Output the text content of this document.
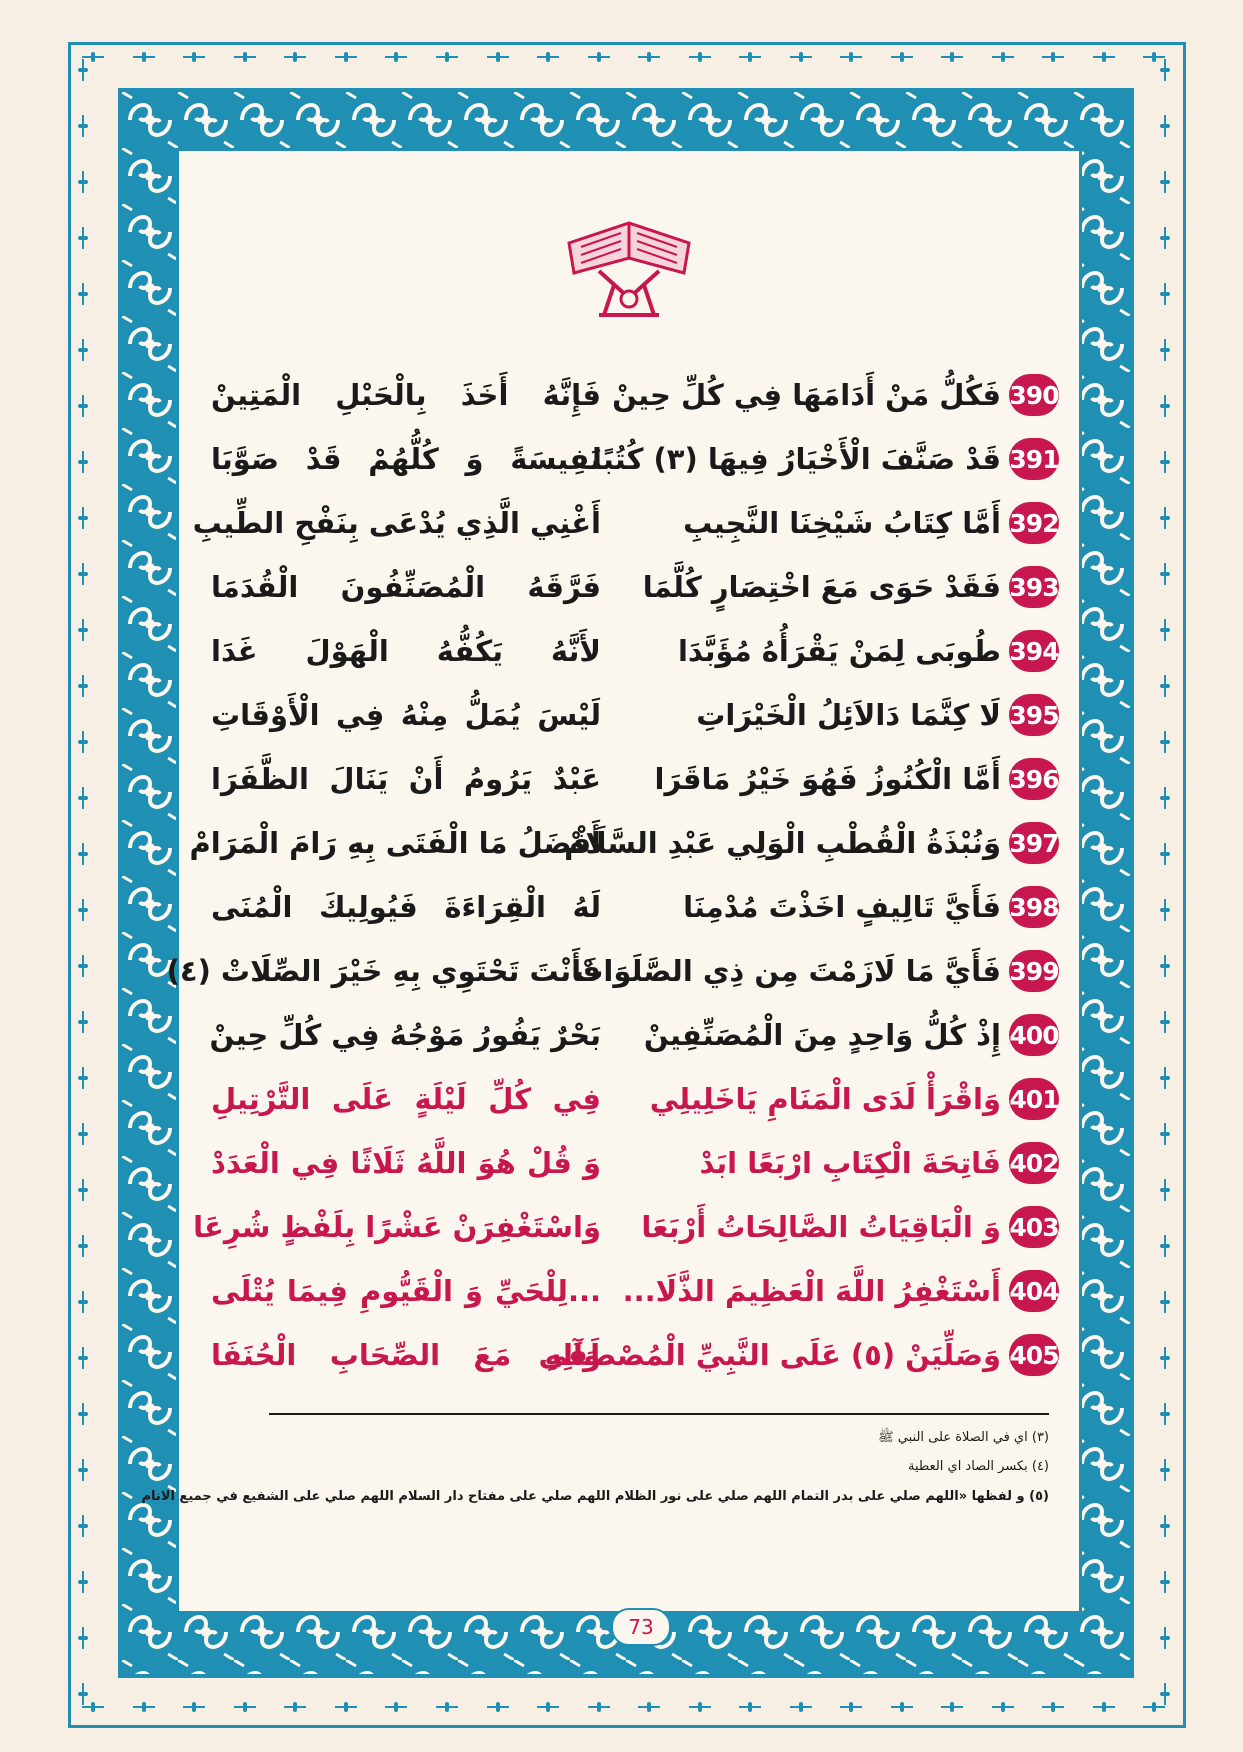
390
فَكُلُّ مَنْ أَدَامَهَا فِي كُلِّ حِينْ
فَإِنَّهُ أَخَذَ بِالْحَبْلِ الْمَتِينْ
391
قَدْ صَنَّفَ الْأَخْيَارُ فِيهَا (٣) كُتُبًا
نَفِيسَةً وَ كُلُّهُمْ قَدْ صَوَّبَا
392
أَمَّا كِتَابُ شَيْخِنَا النَّجِيبِ
أَغْنِي الَّذِي يُدْعَى بِنَفْحِ الطِّيبِ
393
فَقَدْ حَوَى مَعَ اخْتِصَارٍ كُلَّمَا
فَرَّقَهُ الْمُصَنِّفُونَ الْقُدَمَا
394
طُوبَى لِمَنْ يَقْرَأُهُ مُؤَبَّدَا
لأَنَّهُ يَكُفُّهُ الْهَوْلَ غَدَا
395
لَا كِنَّمَا دَالاَئِلُ الْخَيْرَاتِ
لَيْسَ يُمَلُّ مِنْهُ فِي الْأَوْقَاتِ
396
أَمَّا الْكُنُوزُ فَهُوَ خَيْرُ مَاقَرَا
عَبْدٌ يَرُومُ أَنْ يَنَالَ الظَّفَرَا
397
وَنُبْذَةُ الْقُطْبِ الْوَلِي عَبْدِ السَّلَامْ
أَفْضَلُ مَا الْفَتَى بِهِ رَامَ الْمَرَامْ
398
فَأَيَّ تَالِيفٍ اخَذْتَ مُدْمِنَا
لَهُ الْقِرَاءَةَ فَيُولِيكَ الْمُنَى
399
فَأَيَّ مَا لَازَمْتَ مِن ذِي الصَّلَوَاتْ
فَأَنْتَ تَحْتَوِي بِهِ خَيْرَ الصِّلَاتْ (٤)
400
إِذْ كُلُّ وَاحِدٍ مِنَ الْمُصَنِّفِينْ
بَحْرٌ يَفُورُ مَوْجُهُ فِي كُلِّ حِينْ
401
وَاقْرَأْ لَدَى الْمَنَامِ يَاخَلِيلِي
فِي كُلِّ لَيْلَةٍ عَلَى التَّرْتِيلِ
402
فَاتِحَةَ الْكِتَابِ ارْبَعًا ابَدْ
وَ قُلْ هُوَ اللَّهُ ثَلَاثًا فِي الْعَدَدْ
403
وَ الْبَاقِيَاتُ الصَّالِحَاتُ أَرْبَعَا
وَاسْتَغْفِرَنْ عَشْرًا بِلَفْظٍ شُرِعَا
404
أَسْتَغْفِرُ اللَّهَ الْعَظِيمَ الذَّلَا...
...لِلْحَيِّ وَ الْقَيُّومِ فِيمَا يُتْلَى
405
وَصَلِّيَنْ (٥) عَلَى النَّبِيِّ الْمُصْطَفَى
وَآلِهِ مَعَ الصِّحَابِ الْحُنَفَا
(٣) اي في الصلاة على النبي ﷺ
(٤) بكسر الصاد اي العطية
(٥) و لفظها «اللهم صلي على بدر التمام اللهم صلي على نور الظلام اللهم صلي على مفتاح دار السلام اللهم صلي على الشفيع في جميع الانام
73
